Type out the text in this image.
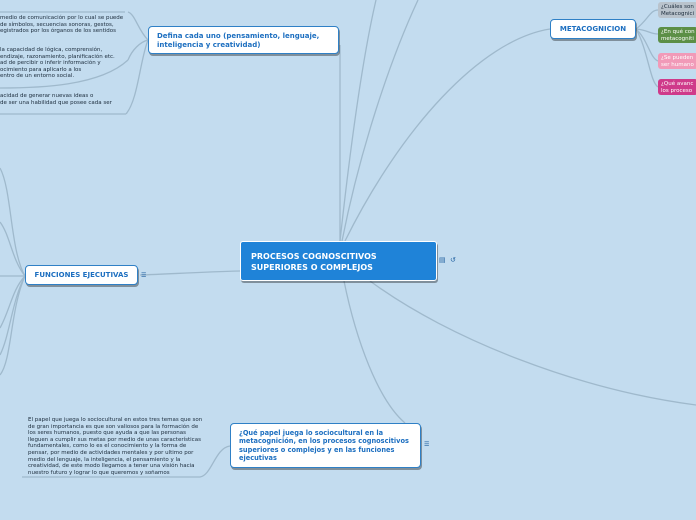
PROCESOS COGNOSCITIVOS SUPERIORES O COMPLEJOS
▤ ↺
Defina cada uno (pensamiento, lenguaje, inteligencia y creatividad)
METACOGNICION
FUNCIONES EJECUTIVAS	☰
¿Qué papel juega lo sociocultural en la metacognición, en los procesos cognoscitivos superiores o complejos y en las funciones ejecutivas
☰
medio de comunicación por lo cual se puede
de símbolos, secuencias sonoras, gestos,
egistrados por los órganos de los sentidos
la capacidad de lógica, comprensión,
endizaje, razonamiento, planificación etc.
ad de percibir o inferir información y
ocimiento para aplicarlo a los
entro de un entorno social.
acidad de generar nuevas ideas o
de ser una habilidad que posee cada ser
El papel que juega lo sociocultural en estos tres temas que son de gran importancia es que son valiosos para la formación de los seres humanos, puesto que ayuda a que las personas lleguen a cumplir sus metas por medio de unas características fundamentales, como lo es el conocimiento y la forma de pensar, por medio de actividades mentales y por ultimo por medio del lenguaje, la inteligencia, el pensamiento y la creatividad, de este modo llegamos a tener una visión hacia nuestro futuro y lograr lo que queremos y soñamos
¿Cuáles son
Metacognici
¿En qué con
metacogniti
¿Se pueden
ser humano
¿Qué avanc
los proceso
